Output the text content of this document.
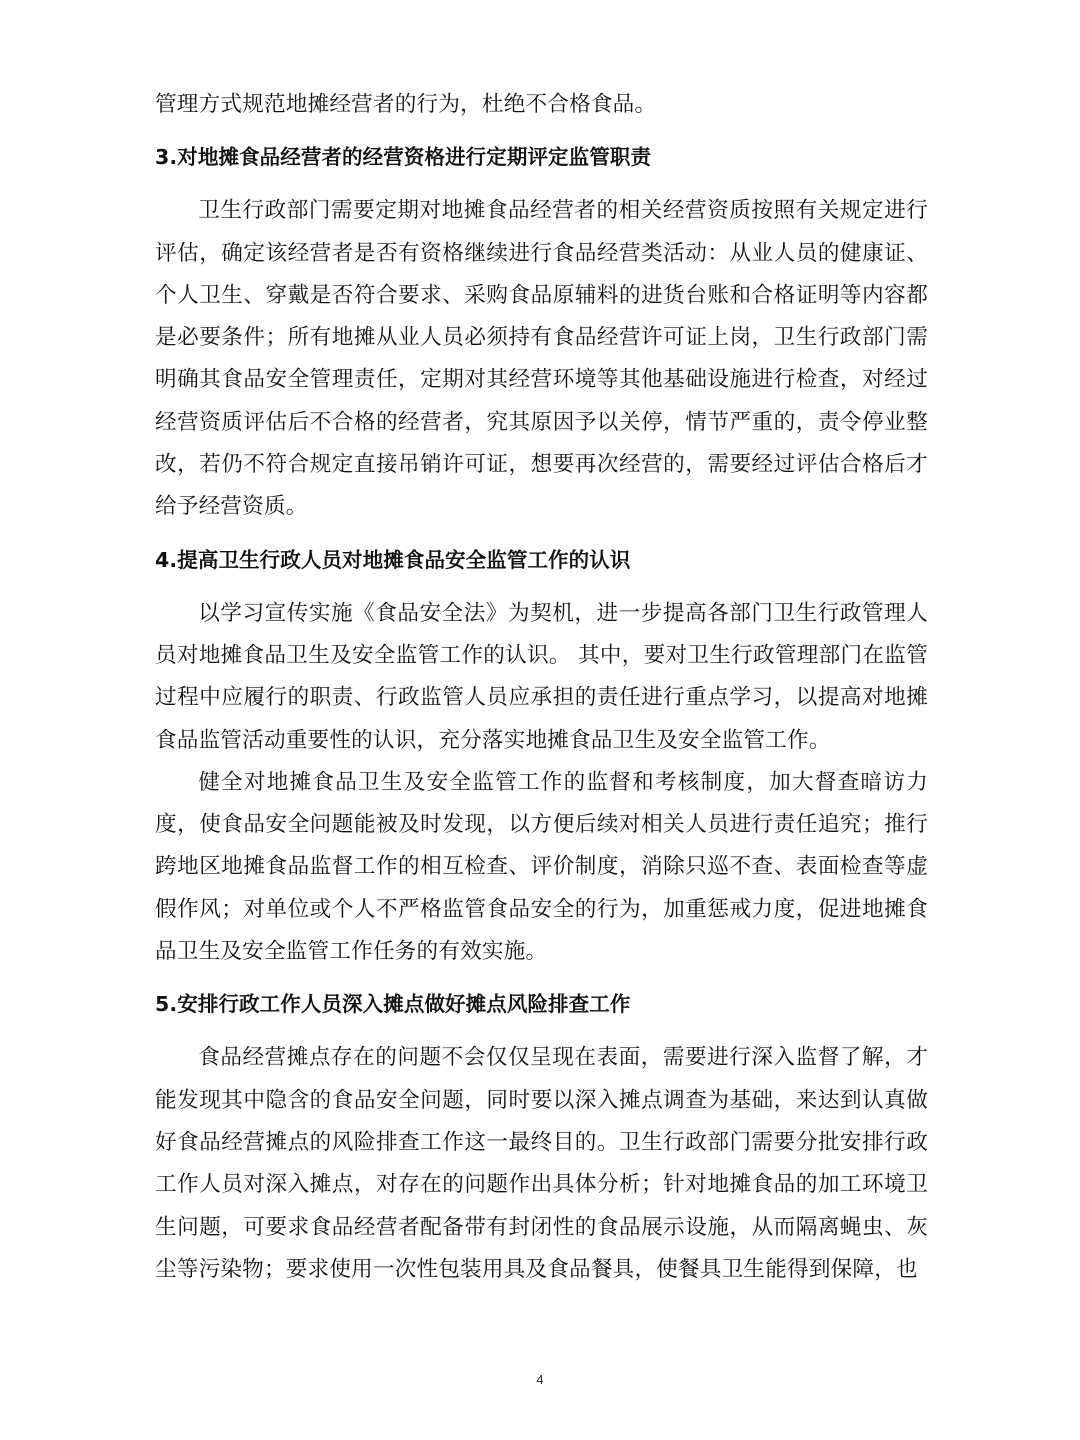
管理方式规范地摊经营者的行为，杜绝不合格食品。

3.对地摊食品经营者的经营资格进行定期评定监管职责

卫生行政部门需要定期对地摊食品经营者的相关经营资质按照有关规定进行评估，确定该经营者是否有资格继续进行食品经营类活动：从业人员的健康证、个人卫生、穿戴是否符合要求、采购食品原辅料的进货台账和合格证明等内容都是必要条件；所有地摊从业人员必须持有食品经营许可证上岗，卫生行政部门需明确其食品安全管理责任，定期对其经营环境等其他基础设施进行检查，对经过经营资质评估后不合格的经营者，究其原因予以关停，情节严重的，责令停业整改，若仍不符合规定直接吊销许可证，想要再次经营的，需要经过评估合格后才给予经营资质。

4.提高卫生行政人员对地摊食品安全监管工作的认识

以学习宣传实施《食品安全法》为契机，进一步提高各部门卫生行政管理人员对地摊食品卫生及安全监管工作的认识。 其中，要对卫生行政管理部门在监管过程中应履行的职责、行政监管人员应承担的责任进行重点学习，以提高对地摊食品监管活动重要性的认识，充分落实地摊食品卫生及安全监管工作。

健全对地摊食品卫生及安全监管工作的监督和考核制度，加大督查暗访力度，使食品安全问题能被及时发现，以方便后续对相关人员进行责任追究；推行跨地区地摊食品监督工作的相互检查、评价制度，消除只巡不查、表面检查等虚假作风；对单位或个人不严格监管食品安全的行为，加重惩戒力度，促进地摊食品卫生及安全监管工作任务的有效实施。

5.安排行政工作人员深入摊点做好摊点风险排查工作

食品经营摊点存在的问题不会仅仅呈现在表面，需要进行深入监督了解，才能发现其中隐含的食品安全问题，同时要以深入摊点调查为基础，来达到认真做好食品经营摊点的风险排查工作这一最终目的。卫生行政部门需要分批安排行政工作人员对深入摊点，对存在的问题作出具体分析；针对地摊食品的加工环境卫生问题，可要求食品经营者配备带有封闭性的食品展示设施，从而隔离蝇虫、灰尘等污染物；要求使用一次性包装用具及食品餐具，使餐具卫生能得到保障，也

4
